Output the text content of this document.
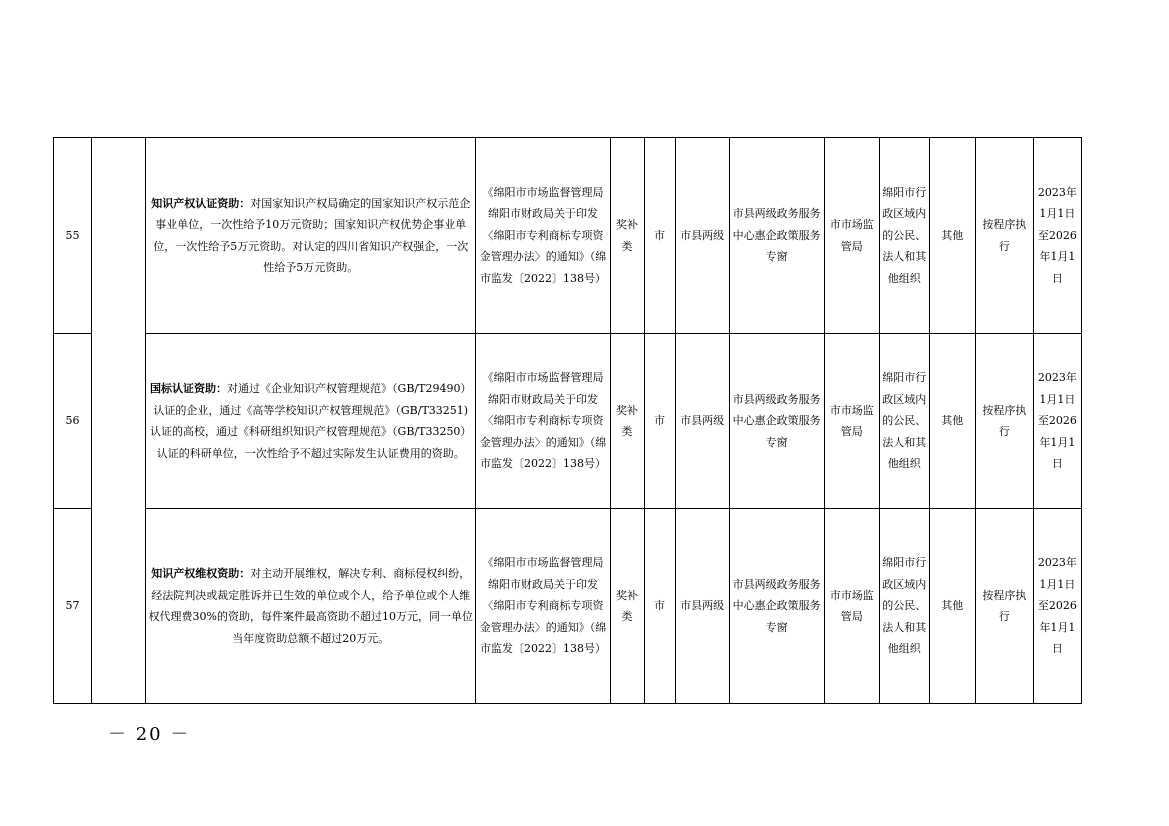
55		知识产权认证资助：对国家知识产权局确定的国家知识产权示范企事业单位，一次性给予10万元资助；国家知识产权优势企事业单位，一次性给予5万元资助。对认定的四川省知识产权强企，一次性给予5万元资助。	《绵阳市市场监督管理局绵阳市财政局关于印发〈绵阳市专利商标专项资金管理办法〉的通知》（绵市监发〔2022〕138号）	奖补类	市	市县两级	市县两级政务服务中心惠企政策服务专窗	市市场监管局	绵阳市行政区域内的公民、法人和其他组织	其他	按程序执行	2023年1月1日至2026年1月1日
56		国标认证资助：对通过《企业知识产权管理规范》（GB/T29490）认证的企业，通过《高等学校知识产权管理规范》（GB/T33251)认证的高校，通过《科研组织知识产权管理规范》（GB/T33250）认证的科研单位，一次性给予不超过实际发生认证费用的资助。	《绵阳市市场监督管理局绵阳市财政局关于印发〈绵阳市专利商标专项资金管理办法〉的通知》（绵市监发〔2022〕138号）	奖补类	市	市县两级	市县两级政务服务中心惠企政策服务专窗	市市场监管局	绵阳市行政区域内的公民、法人和其他组织	其他	按程序执行	2023年1月1日至2026年1月1日
57		知识产权维权资助：对主动开展维权，解决专利、商标侵权纠纷，经法院判决或裁定胜诉并已生效的单位或个人，给予单位或个人维权代理费30%的资助，每件案件最高资助不超过10万元，同一单位当年度资助总额不超过20万元。	《绵阳市市场监督管理局绵阳市财政局关于印发〈绵阳市专利商标专项资金管理办法〉的通知》（绵市监发〔2022〕138号）	奖补类	市	市县两级	市县两级政务服务中心惠企政策服务专窗	市市场监管局	绵阳市行政区域内的公民、法人和其他组织	其他	按程序执行	2023年1月1日至2026年1月1日
－ 20 －
